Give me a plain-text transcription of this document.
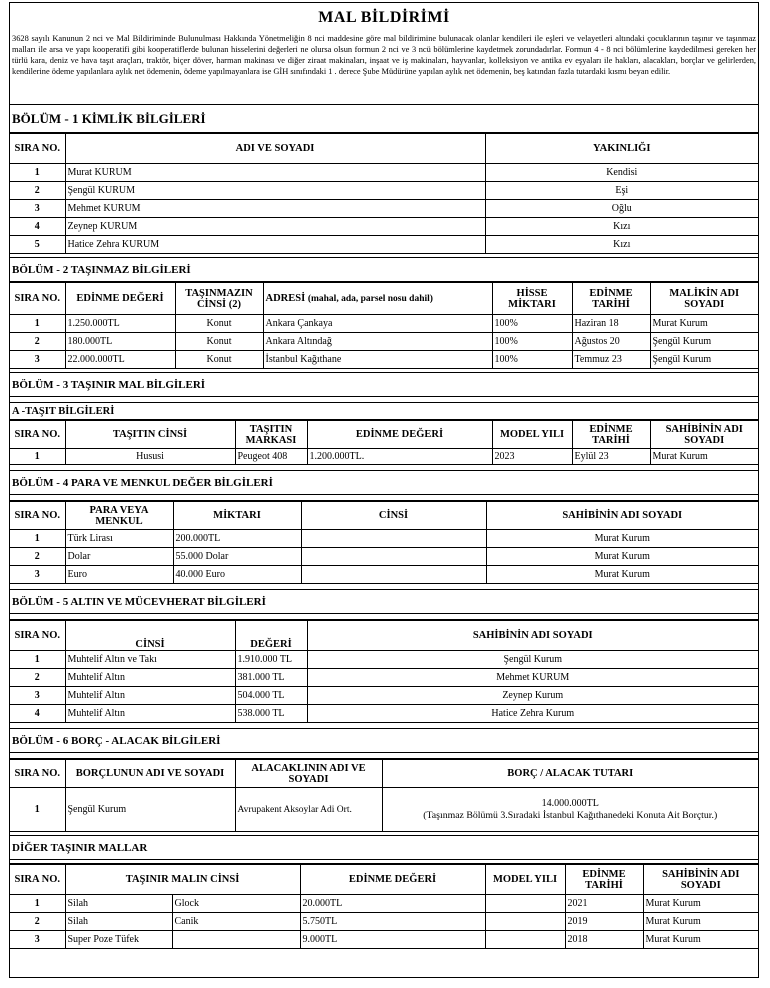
MAL BİLDİRİMİ
3628 sayılı Kanunun 2 nci ve Mal Bildiriminde Bulunulması Hakkında Yönetmeliğin 8 nci maddesine göre mal bildirimine bulunacak olanlar kendileri ile eşleri ve velayetleri altındaki çocuklarının taşınır ve taşınmaz malları ile arsa ve yapı kooperatifi gibi kooperatiflerde bulunan hisselerini değerleri ne olursa olsun formun 2 nci ve 3 ncü bölümlerine kaydetmek zorundadırlar. Formun 4 - 8 nci bölümlerine kaydedilmesi gereken her türlü kara, deniz ve hava taşıt araçları, traktör, biçer döver, harman makinası ve diğer ziraat makinaları, inşaat ve iş makinaları, hayvanlar, kolleksiyon ve antika ev eşyaları ile hakları, alacakları, borçlar ve gelirlerden, kendilerine ödeme yapılanlara aylık net ödemenin, ödeme yapılmayanlara ise GİH sınıfındaki 1 . derece Şube Müdürüne yapılan aylık net ödemenin, beş katından fazla tutardaki kısmı beyan edilir.
BÖLÜM - 1 KİMLİK BİLGİLERİ
SIRA NO.	ADI VE SOYADI	YAKINLIĞI
1	Murat KURUM	Kendisi
2	Şengül KURUM	Eşi
3	Mehmet KURUM	Oğlu
4	Zeynep KURUM	Kızı
5	Hatice Zehra KURUM	Kızı
BÖLÜM - 2 TAŞINMAZ BİLGİLERİ
SIRA NO.	EDİNME DEĞERİ	TAŞINMAZIN CİNSİ (2)	ADRESİ (mahal, ada, parsel nosu dahil)	HİSSE MİKTARI	EDİNME TARİHİ	MALİKİN ADI SOYADI
1	1.250.000TL	Konut	Ankara Çankaya	100%	Haziran 18	Murat Kurum
2	180.000TL	Konut	Ankara Altındağ	100%	Ağustos 20	Şengül Kurum
3	22.000.000TL	Konut	İstanbul Kağıthane	100%	Temmuz 23	Şengül Kurum
BÖLÜM - 3 TAŞINIR MAL BİLGİLERİ
A -TAŞIT BİLGİLERİ
SIRA NO.	TAŞITIN CİNSİ	TAŞITIN MARKASI	EDİNME DEĞERİ	MODEL YILI	EDİNME TARİHİ	SAHİBİNİN ADI SOYADI
1	Hususi	Peugeot 408	1.200.000TL.	2023	Eylül 23	Murat Kurum
BÖLÜM - 4 PARA VE MENKUL DEĞER BİLGİLERİ
SIRA NO.	PARA VEYA MENKUL	MİKTARI	CİNSİ	SAHİBİNİN ADI SOYADI
1	Türk Lirası	200.000TL		Murat Kurum
2	Dolar	55.000 Dolar		Murat Kurum
3	Euro	40.000 Euro		Murat Kurum
BÖLÜM - 5 ALTIN VE MÜCEVHERAT BİLGİLERİ
SIRA NO.	CİNSİ	DEĞERİ	SAHİBİNİN ADI SOYADI
1	Muhtelif Altın ve Takı	1.910.000 TL	Şengül Kurum
2	Muhtelif Altın	381.000 TL	Mehmet KURUM
3	Muhtelif Altın	504.000 TL	Zeynep Kurum
4	Muhtelif Altın	538.000 TL	Hatice Zehra Kurum
BÖLÜM - 6 BORÇ - ALACAK BİLGİLERİ
SIRA NO.	BORÇLUNUN ADI VE SOYADI	ALACAKLININ ADI VE SOYADI	BORÇ / ALACAK TUTARI
1	Şengül Kurum	Avrupakent Aksoylar Adi Ort.	14.000.000TL
(Taşınmaz Bölümü 3.Sıradaki İstanbul Kağıthanedeki Konuta Ait Borçtur.)
DİĞER TAŞINIR MALLAR
SIRA NO.	TAŞINIR MALIN CİNSİ		EDİNME DEĞERİ	MODEL YILI	EDİNME TARİHİ	SAHİBİNİN ADI SOYADI
1	Silah	Glock	20.000TL		2021	Murat Kurum
2	Silah	Canik	5.750TL		2019	Murat Kurum
3	Super Poze Tüfek		9.000TL		2018	Murat Kurum
